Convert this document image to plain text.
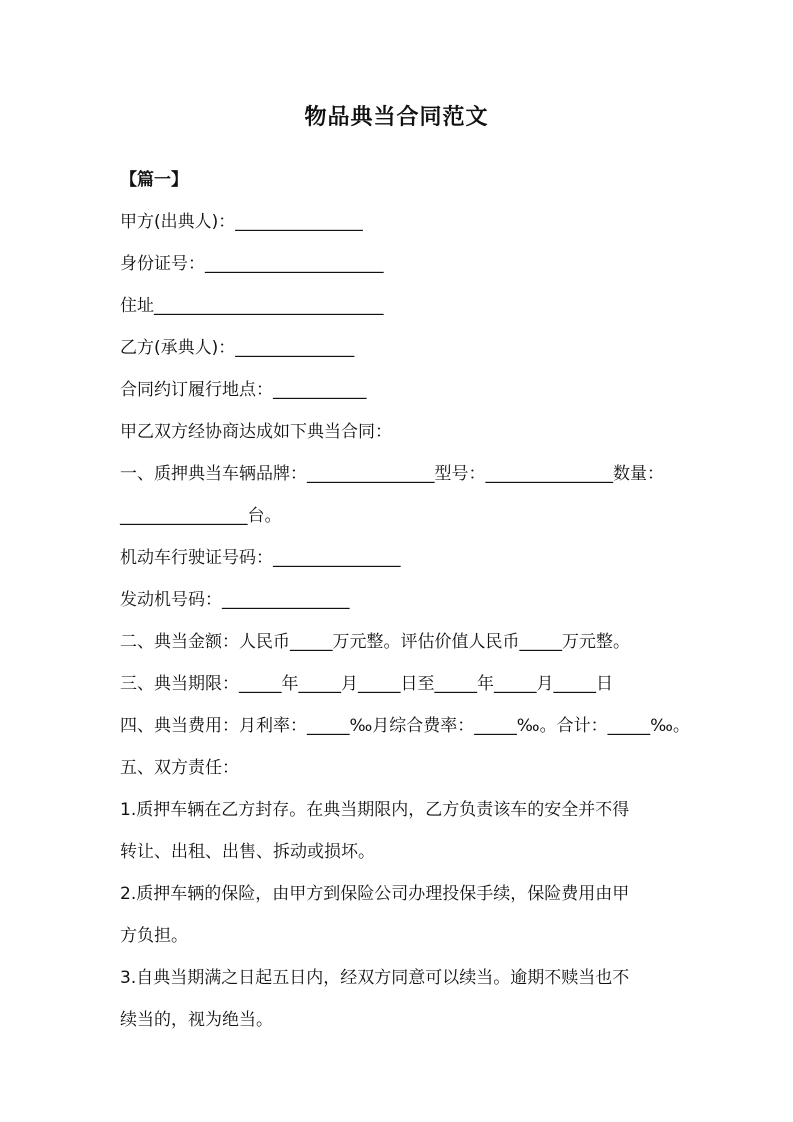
物品典当合同范文
【篇一】
甲方(出典人)：_______________
身份证号：_____________________
住址___________________________
乙方(承典人)：______________
合同约订履行地点：___________
甲乙双方经协商达成如下典当合同：
一、质押典当车辆品牌：_______________型号：_______________数量：
_______________台。
机动车行驶证号码：_______________
发动机号码：_______________
二、典当金额：人民币_____万元整。评估价值人民币_____万元整。
三、典当期限：_____年_____月_____日至_____年_____月_____日
四、典当费用：月利率：_____‰月综合费率：_____‰。合计：_____‰。
五、双方责任：
1.质押车辆在乙方封存。在典当期限内，乙方负责该车的安全并不得
转让、出租、出售、拆动或损坏。
2.质押车辆的保险，由甲方到保险公司办理投保手续，保险费用由甲
方负担。
3.自典当期满之日起五日内，经双方同意可以续当。逾期不赎当也不
续当的，视为绝当。
